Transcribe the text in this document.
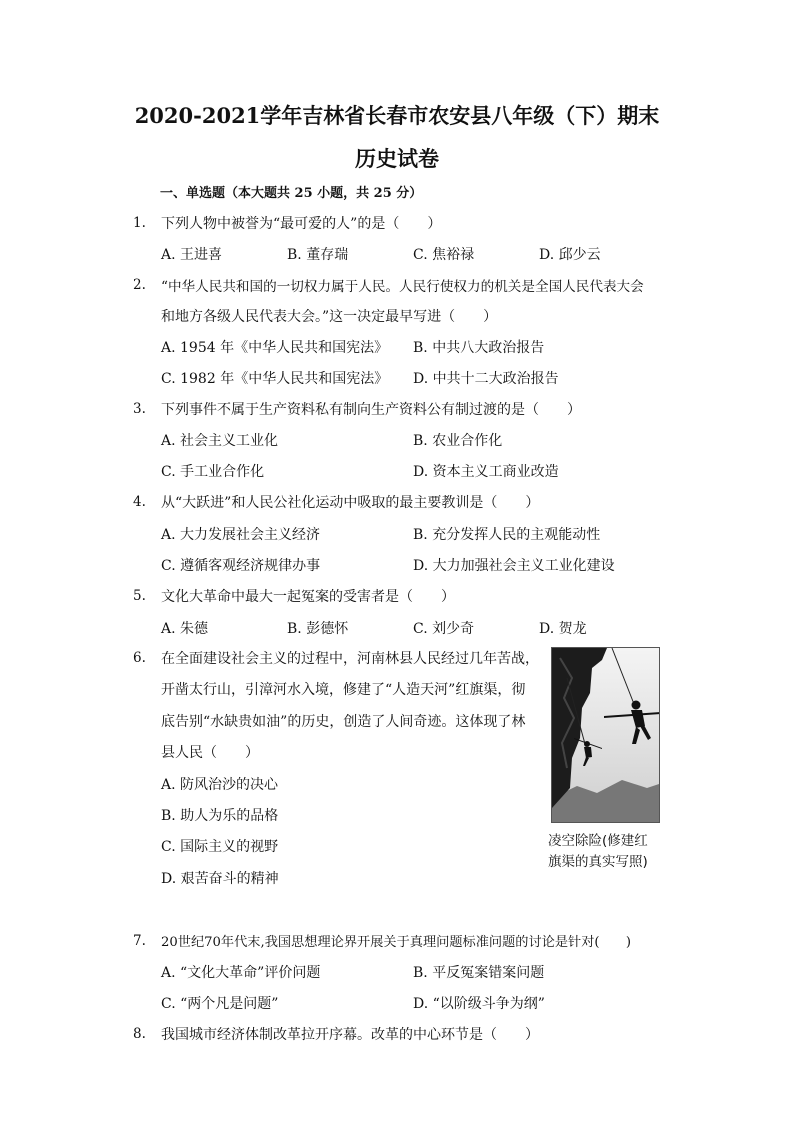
2020-2021学年吉林省长春市农安县八年级（下）期末
历史试卷
一、单选题（本大题共 25 小题，共 25 分）
1. 下列人物中被誉为“最可爱的人”的是（　　）
A. 王进喜	B. 董存瑞	C. 焦裕禄	D. 邱少云
2. “中华人民共和国的一切权力属于人民。人民行使权力的机关是全国人民代表大会
和地方各级人民代表大会。”这一决定最早写进（　　）
A. 1954 年《中华人民共和国宪法》 B. 中共八大政治报告
C. 1982 年《中华人民共和国宪法》 D. 中共十二大政治报告
3. 下列事件不属于生产资料私有制向生产资料公有制过渡的是（　　）
A. 社会主义工业化	B. 农业合作化
C. 手工业合作化	D. 资本主义工商业改造
4. 从“大跃进”和人民公社化运动中吸取的最主要教训是（　　）
A. 大力发展社会主义经济	B. 充分发挥人民的主观能动性
C. 遵循客观经济规律办事	D. 大力加强社会主义工业化建设
5. 文化大革命中最大一起冤案的受害者是（　　）
A. 朱德	B. 彭德怀	C. 刘少奇	D. 贺龙
6. 在全面建设社会主义的过程中，河南林县人民经过几年苦战，
开凿太行山，引漳河水入境，修建了“人造天河”红旗渠，彻
底告别“水缺贵如油”的历史，创造了人间奇迹。这体现了林
县人民（　　）
A. 防风治沙的决心
B. 助人为乐的品格
C. 国际主义的视野
D. 艰苦奋斗的精神
凌空除险(修建红
旗渠的真实写照)
7. 20世纪70年代末,我国思想理论界开展关于真理问题标准问题的讨论是针对(　　)
A. “文化大革命”评价问题	B. 平反冤案错案问题
C. “两个凡是问题”	D. “以阶级斗争为纲”
8. 我国城市经济体制改革拉开序幕。改革的中心环节是（　　）
